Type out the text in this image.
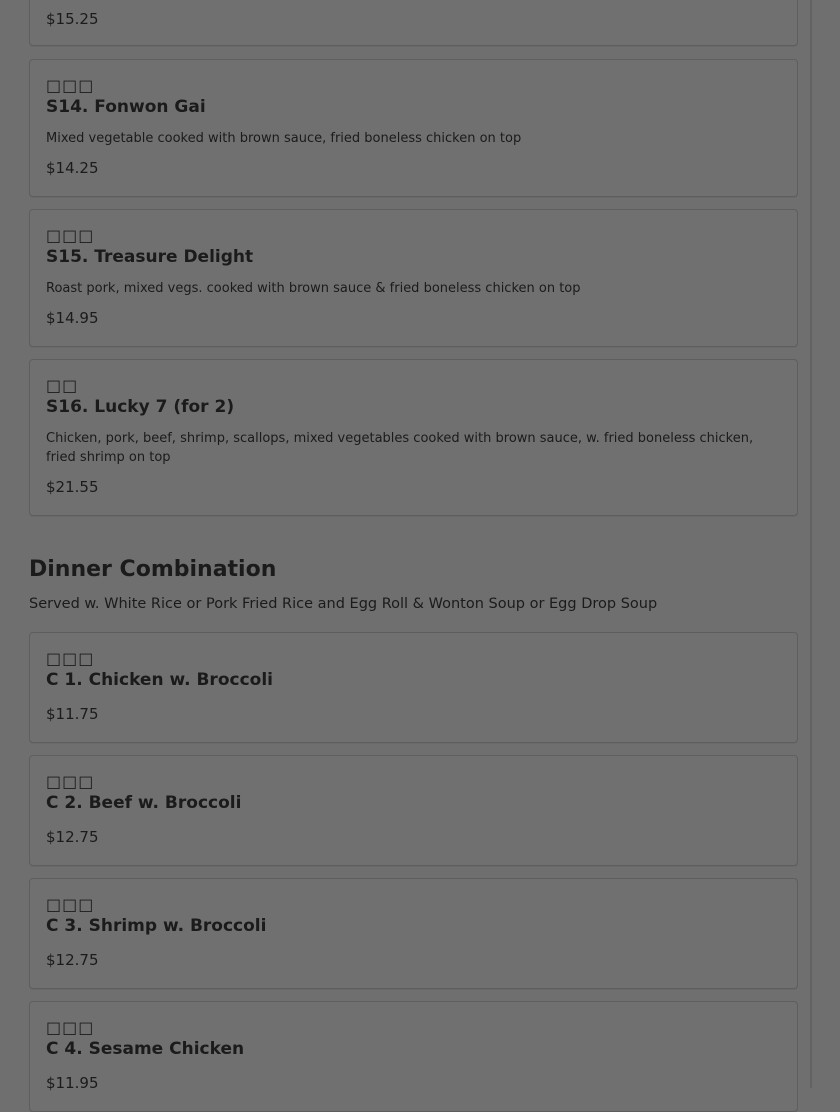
$15.25
□□□
S14. Fonwon Gai
Mixed vegetable cooked with brown sauce, fried boneless chicken on top
$14.25
□□□
S15. Treasure Delight
Roast pork, mixed vegs. cooked with brown sauce & fried boneless chicken on top
$14.95
□□
S16. Lucky 7 (for 2)
Chicken, pork, beef, shrimp, scallops, mixed vegetables cooked with brown sauce, w. fried boneless chicken, fried shrimp on top
$21.55
Dinner Combination
Served w. White Rice or Pork Fried Rice and Egg Roll & Wonton Soup or Egg Drop Soup
□□□
C 1. Chicken w. Broccoli
$11.75
□□□
C 2. Beef w. Broccoli
$12.75
□□□
C 3. Shrimp w. Broccoli
$12.75
□□□
C 4. Sesame Chicken
$11.95
